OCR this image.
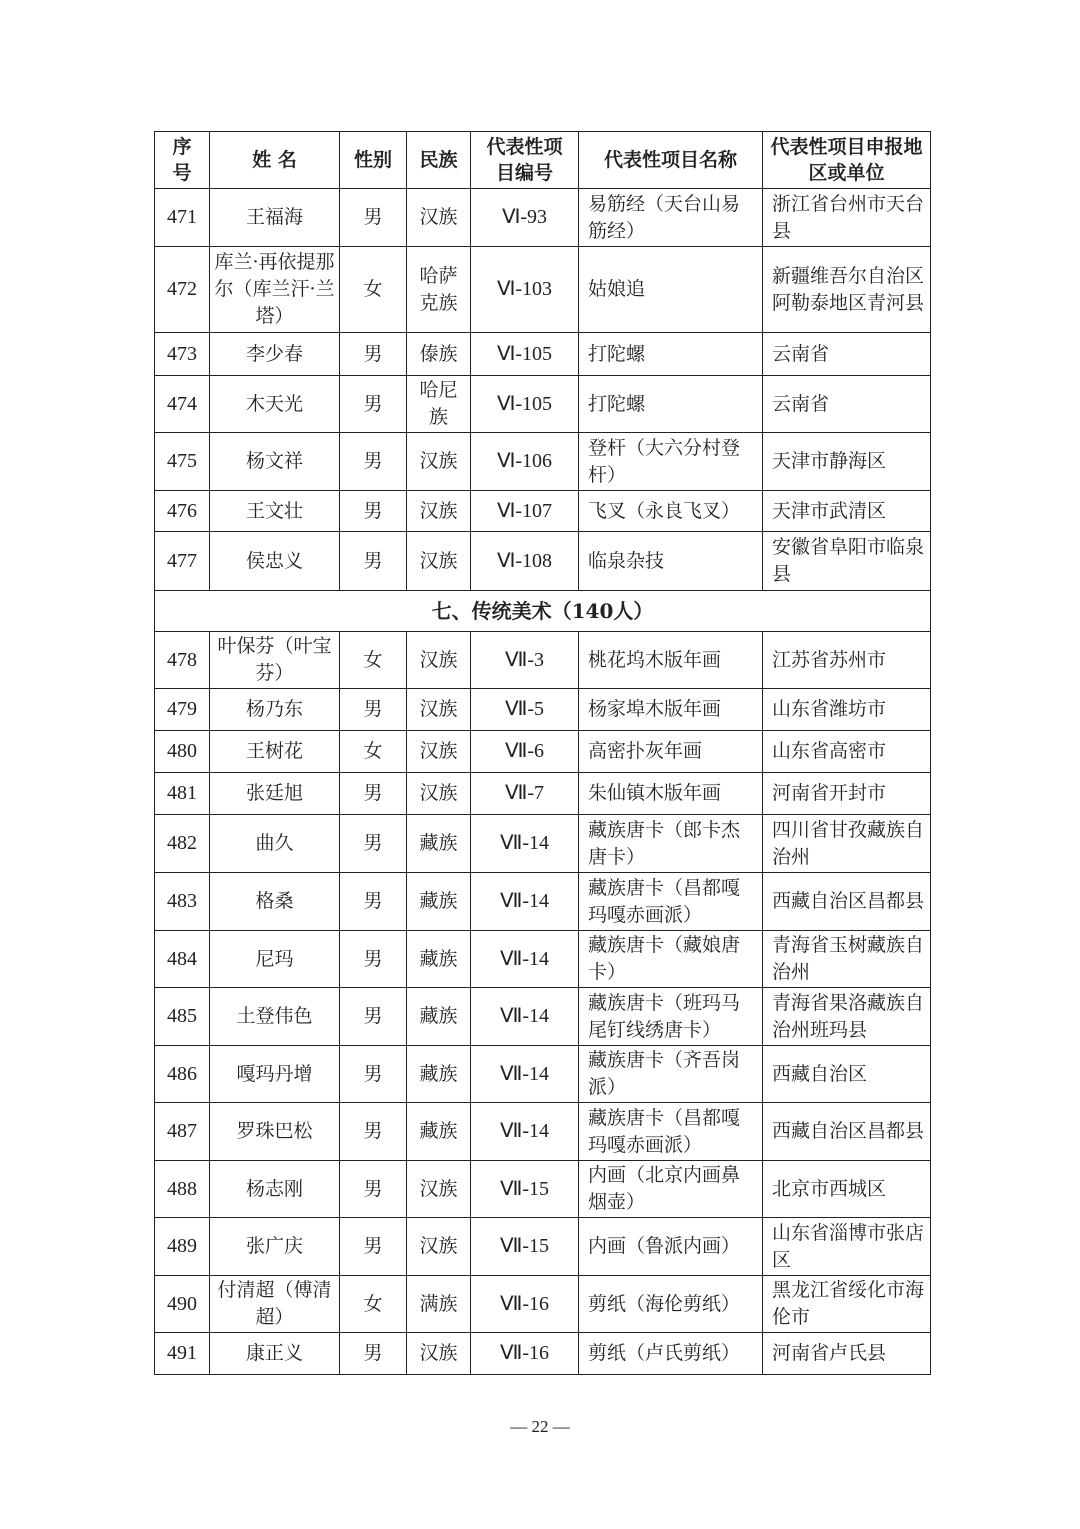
序号	姓 名	性别	民族	代表性项目编号	代表性项目名称	代表性项目申报地区或单位
471	王福海	男	汉族	Ⅵ-93	易筋经（天台山易筋经）	浙江省台州市天台县
472	库兰·再依提那尔（库兰汗·兰塔）	女	哈萨克族	Ⅵ-103	姑娘追	新疆维吾尔自治区阿勒泰地区青河县
473	李少春	男	傣族	Ⅵ-105	打陀螺	云南省
474	木天光	男	哈尼族	Ⅵ-105	打陀螺	云南省
475	杨文祥	男	汉族	Ⅵ-106	登杆（大六分村登杆）	天津市静海区
476	王文壮	男	汉族	Ⅵ-107	飞叉（永良飞叉）	天津市武清区
477	侯忠义	男	汉族	Ⅵ-108	临泉杂技	安徽省阜阳市临泉县
七、传统美术（140人）						
478	叶保芬（叶宝芬）	女	汉族	Ⅶ-3	桃花坞木版年画	江苏省苏州市
479	杨乃东	男	汉族	Ⅶ-5	杨家埠木版年画	山东省潍坊市
480	王树花	女	汉族	Ⅶ-6	高密扑灰年画	山东省高密市
481	张廷旭	男	汉族	Ⅶ-7	朱仙镇木版年画	河南省开封市
482	曲久	男	藏族	Ⅶ-14	藏族唐卡（郎卡杰唐卡）	四川省甘孜藏族自治州
483	格桑	男	藏族	Ⅶ-14	藏族唐卡（昌都嘎玛嘎赤画派）	西藏自治区昌都县
484	尼玛	男	藏族	Ⅶ-14	藏族唐卡（藏娘唐卡）	青海省玉树藏族自治州
485	土登伟色	男	藏族	Ⅶ-14	藏族唐卡（班玛马尾钉线绣唐卡）	青海省果洛藏族自治州班玛县
486	嘎玛丹增	男	藏族	Ⅶ-14	藏族唐卡（齐吾岗派）	西藏自治区
487	罗珠巴松	男	藏族	Ⅶ-14	藏族唐卡（昌都嘎玛嘎赤画派）	西藏自治区昌都县
488	杨志刚	男	汉族	Ⅶ-15	内画（北京内画鼻烟壶）	北京市西城区
489	张广庆	男	汉族	Ⅶ-15	内画（鲁派内画）	山东省淄博市张店区
490	付清超（傅清超）	女	满族	Ⅶ-16	剪纸（海伦剪纸）	黑龙江省绥化市海伦市
491	康正义	男	汉族	Ⅶ-16	剪纸（卢氏剪纸）	河南省卢氏县
— 22 —
